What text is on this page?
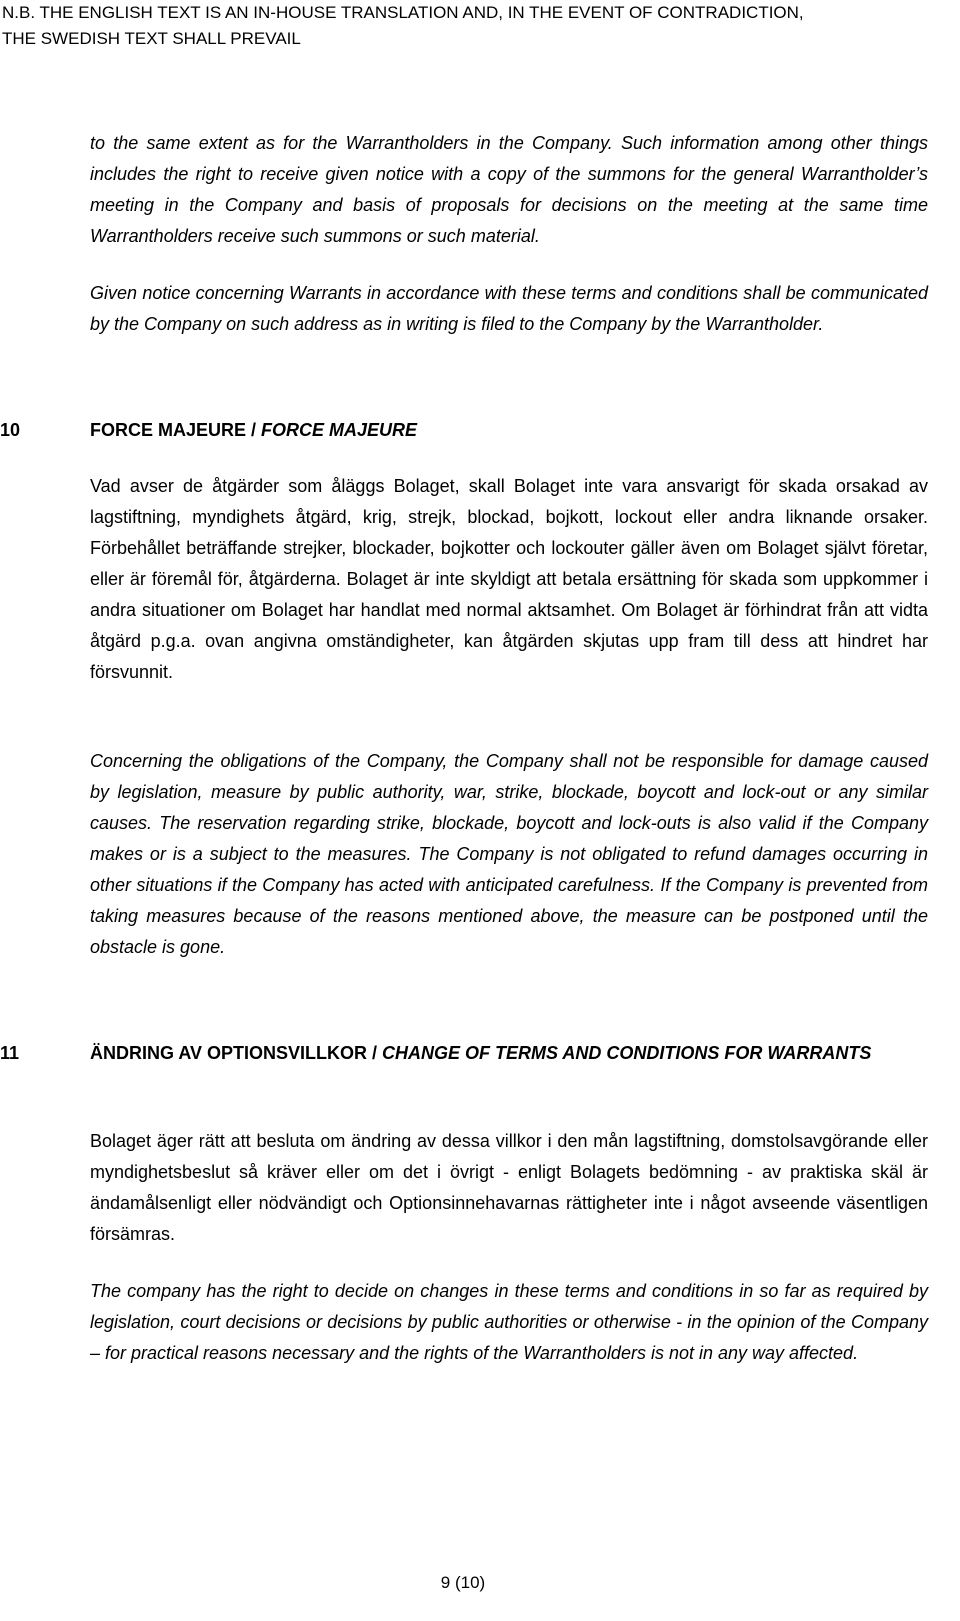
N.B. THE ENGLISH TEXT IS AN IN-HOUSE TRANSLATION AND, IN THE EVENT OF CONTRADICTION,
THE SWEDISH TEXT SHALL PREVAIL

to the same extent as for the Warrantholders in the Company. Such information among other things includes the right to receive given notice with a copy of the summons for the general Warrantholder’s meeting in the Company and basis of proposals for decisions on the meeting at the same time Warrantholders receive such summons or such material.

Given notice concerning Warrants in accordance with these terms and conditions shall be communicated by the Company on such address as in writing is filed to the Company by the Warrantholder.

10	FORCE MAJEURE / FORCE MAJEURE

Vad avser de åtgärder som åläggs Bolaget, skall Bolaget inte vara ansvarigt för skada orsakad av lagstiftning, myndighets åtgärd, krig, strejk, blockad, bojkott, lockout eller andra liknande orsaker. Förbehållet beträffande strejker, blockader, bojkotter och lockouter gäller även om Bolaget självt företar, eller är föremål för, åtgärderna. Bolaget är inte skyldigt att betala ersättning för skada som uppkommer i andra situationer om Bolaget har handlat med normal aktsamhet. Om Bolaget är förhindrat från att vidta åtgärd p.g.a. ovan angivna omständigheter, kan åtgärden skjutas upp fram till dess att hindret har försvunnit.

Concerning the obligations of the Company, the Company shall not be responsible for damage caused by legislation, measure by public authority, war, strike, blockade, boycott and lock-out or any similar causes. The reservation regarding strike, blockade, boycott and lock-outs is also valid if the Company makes or is a subject to the measures. The Company is not obligated to refund damages occurring in other situations if the Company has acted with anticipated carefulness. If the Company is prevented from taking measures because of the reasons mentioned above, the measure can be postponed until the obstacle is gone.

11	ÄNDRING AV OPTIONSVILLKOR / CHANGE OF TERMS AND CONDITIONS FOR WARRANTS

Bolaget äger rätt att besluta om ändring av dessa villkor i den mån lagstiftning, domstolsavgörande eller myndighetsbeslut så kräver eller om det i övrigt - enligt Bolagets bedömning - av praktiska skäl är ändamålsenligt eller nödvändigt och Optionsinnehavarnas rättigheter inte i något avseende väsentligen försämras.

The company has the right to decide on changes in these terms and conditions in so far as required by legislation, court decisions or decisions by public authorities or otherwise - in the opinion of the Company – for practical reasons necessary and the rights of the Warrantholders is not in any way affected.

9 (10)
